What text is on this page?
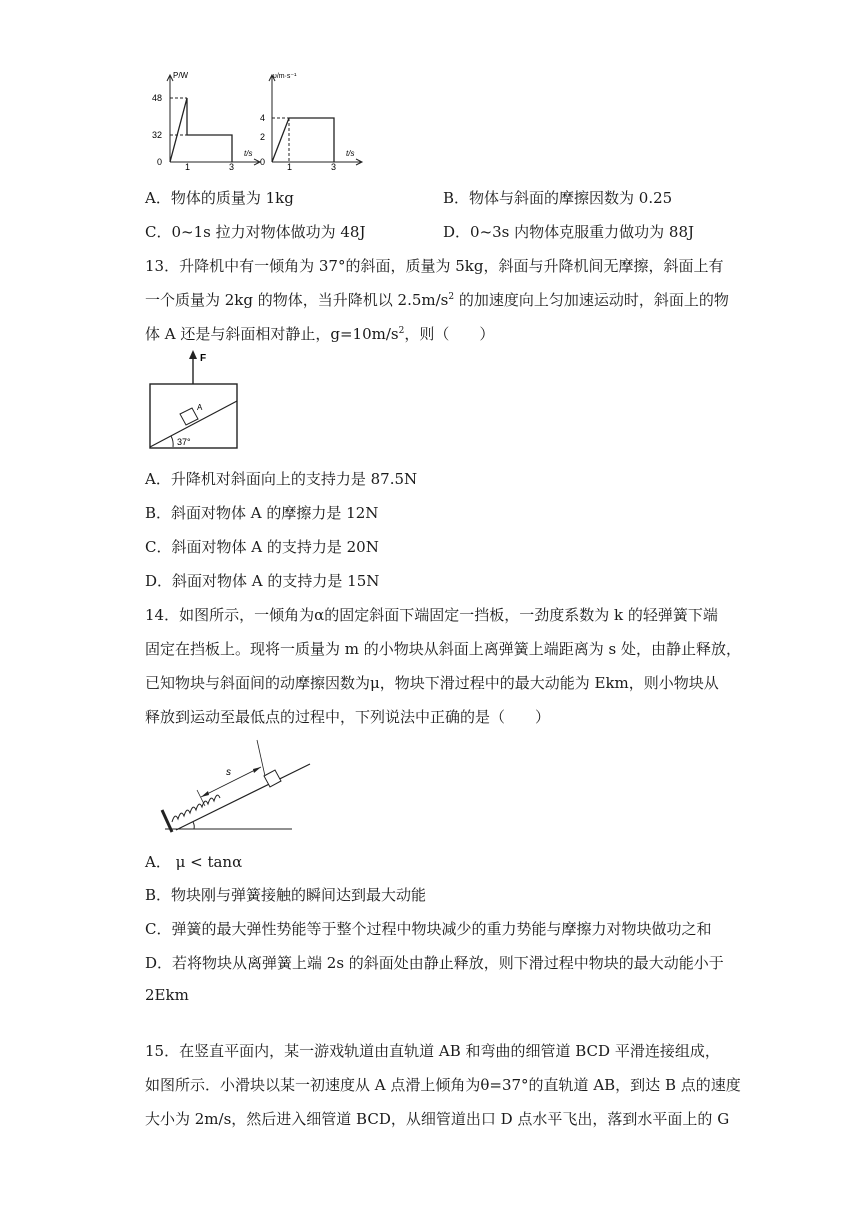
P/W
48
32
0	1	3
t/s
υ/m·s⁻¹
4
2
0 1	3
t/s
A．物体的质量为 1kg	B．物体与斜面的摩擦因数为 0.25
C．0~1s 拉力对物体做功为 48J	D．0~3s 内物体克服重力做功为 88J
13．升降机中有一倾角为 37°的斜面，质量为 5kg，斜面与升降机间无摩擦，斜面上有
一个质量为 2kg 的物体，当升降机以 $2.5m/s^2$ 的加速度向上匀加速运动时，斜面上的物
体 A 还是与斜面相对静止，$g=10m/s^2$，则（　　）
F
A
37°
A．升降机对斜面向上的支持力是 87.5N
B．斜面对物体 A 的摩擦力是 12N
C．斜面对物体 A 的支持力是 20N
D．斜面对物体 A 的支持力是 15N
14．如图所示，一倾角为α的固定斜面下端固定一挡板，一劲度系数为 k 的轻弹簧下端
固定在挡板上。现将一质量为 m 的小物块从斜面上离弹簧上端距离为 s 处，由静止释放，
已知物块与斜面间的动摩擦因数为μ，物块下滑过程中的最大动能为 Ekm，则小物块从
释放到运动至最低点的过程中，下列说法中正确的是（　　）
s
A． μ < tanα
B．物块刚与弹簧接触的瞬间达到最大动能
C．弹簧的最大弹性势能等于整个过程中物块减少的重力势能与摩擦力对物块做功之和
D．若将物块从离弹簧上端 2s 的斜面处由静止释放，则下滑过程中物块的最大动能小于
2Ekm
15．在竖直平面内，某一游戏轨道由直轨道 AB 和弯曲的细管道 BCD 平滑连接组成，
如图所示．小滑块以某一初速度从 A 点滑上倾角为θ=37°的直轨道 AB，到达 B 点的速度
大小为 2m/s，然后进入细管道 BCD，从细管道出口 D 点水平飞出，落到水平面上的 G
